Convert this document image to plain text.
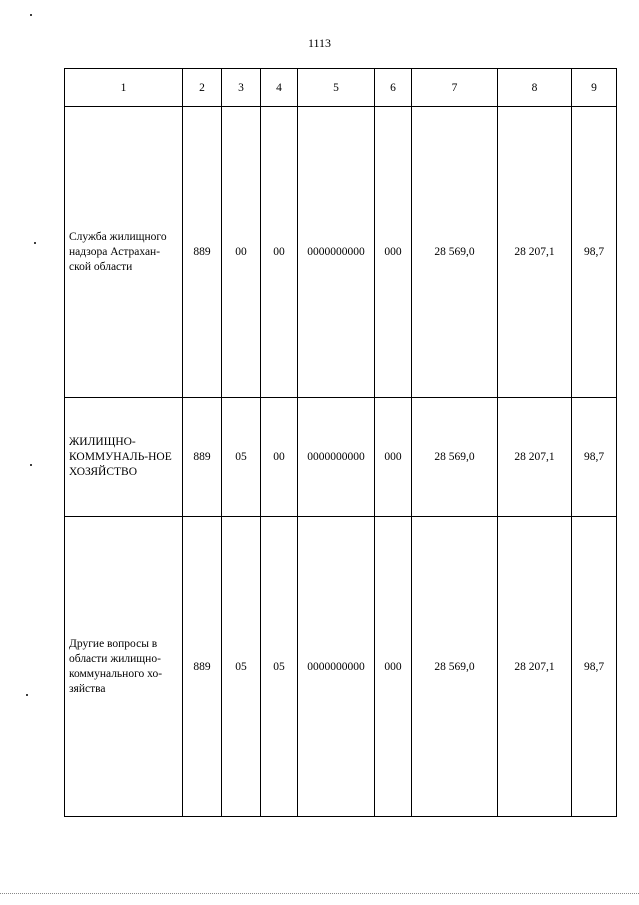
1113
1	2	3	4	5	6	7	8	9
Служба жилищного надзора Астрахан-ской области	889	00	00	0000000000	000	28 569,0	28 207,1	98,7
ЖИЛИЩНО-КОММУНАЛЬ-НОЕ ХОЗЯЙСТВО	889	05	00	0000000000	000	28 569,0	28 207,1	98,7
Другие вопросы в области жилищно-коммунального хо-зяйства	889	05	05	0000000000	000	28 569,0	28 207,1	98,7
